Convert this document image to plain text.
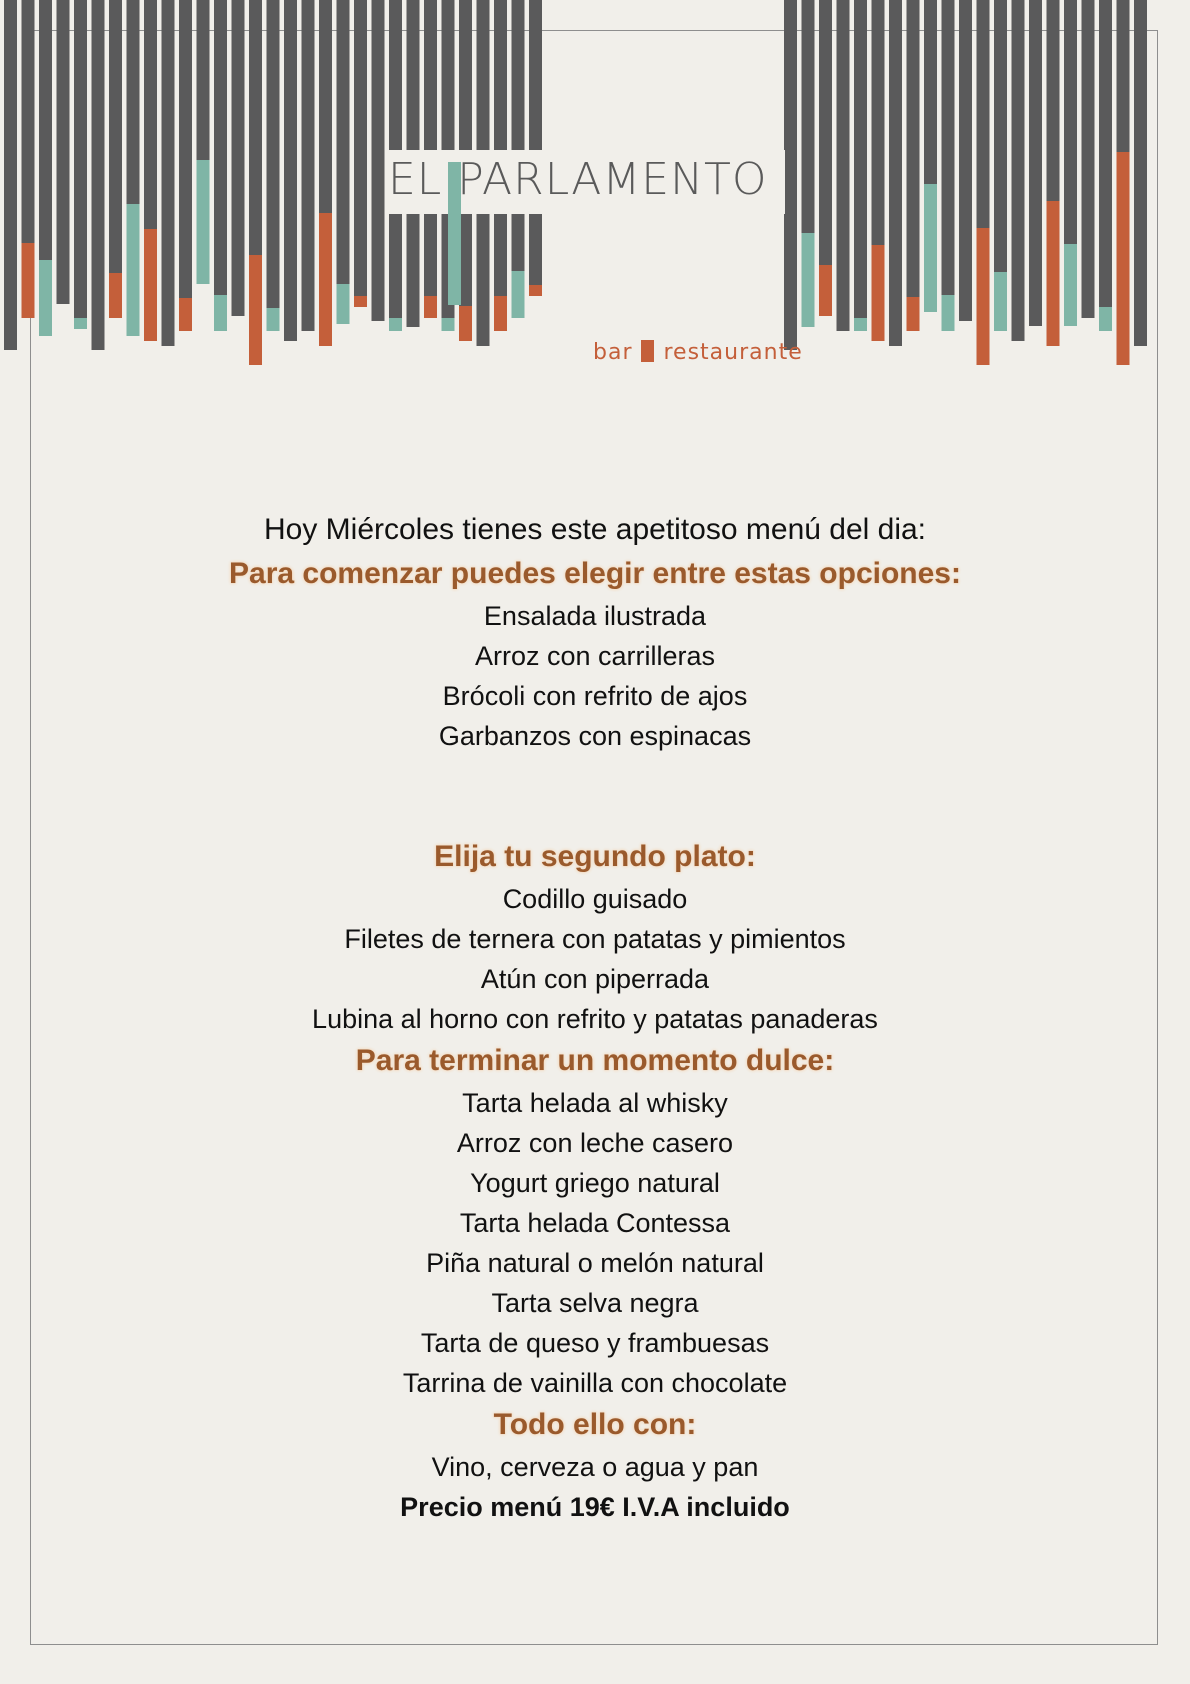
EL PARLAMENTO
bar restaurante
Hoy Miércoles tienes este apetitoso menú del dia:
Para comenzar puedes elegir entre estas opciones:
Ensalada ilustrada
Arroz con carrilleras
Brócoli con refrito de ajos
Garbanzos con espinacas
Elija tu segundo plato:
Codillo guisado
Filetes de ternera con patatas y pimientos
Atún con piperrada
Lubina al horno con refrito y patatas panaderas
Para terminar un momento dulce:
Tarta helada al whisky
Arroz con leche casero
Yogurt griego natural
Tarta helada Contessa
Piña natural o melón natural
Tarta selva negra
Tarta de queso y frambuesas
Tarrina de vainilla con chocolate
Todo ello con:
Vino, cerveza o agua y pan
Precio menú 19€ I.V.A incluido
